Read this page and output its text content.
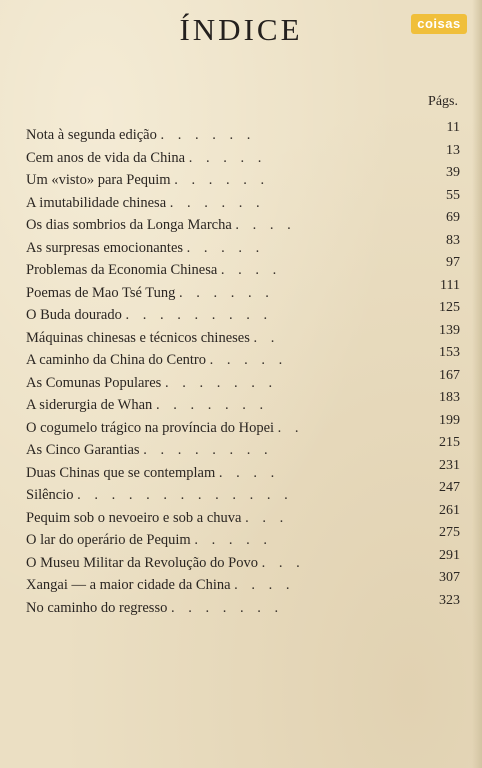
ÍNDICE	coisas
Págs.
Nota à segunda edição . . . . . .	11
Cem anos de vida da China . . . . .	13
Um «visto» para Pequim . . . . . .	39
A imutabilidade chinesa . . . . . .	55
Os dias sombrios da Longa Marcha . . . .	69
As surpresas emocionantes . . . . .	83
Problemas da Economia Chinesa . . . .	97
Poemas de Mao Tsé Tung . . . . . .	111
O Buda dourado . . . . . . . . .	125
Máquinas chinesas e técnicos chineses . .	139
A caminho da China do Centro . . . . .	153
As Comunas Populares . . . . . . .	167
A siderurgia de Whan . . . . . . .	183
O cogumelo trágico na província do Hopei . .	199
As Cinco Garantias . . . . . . . .	215
Duas Chinas que se contemplam . . . .	231
Silêncio . . . . . . . . . . . . .	247
Pequim sob o nevoeiro e sob a chuva . . .	261
O lar do operário de Pequim . . . . .	275
O Museu Militar da Revolução do Povo . . .	291
Xangai — a maior cidade da China . . . .	307
No caminho do regresso . . . . . . .	323
